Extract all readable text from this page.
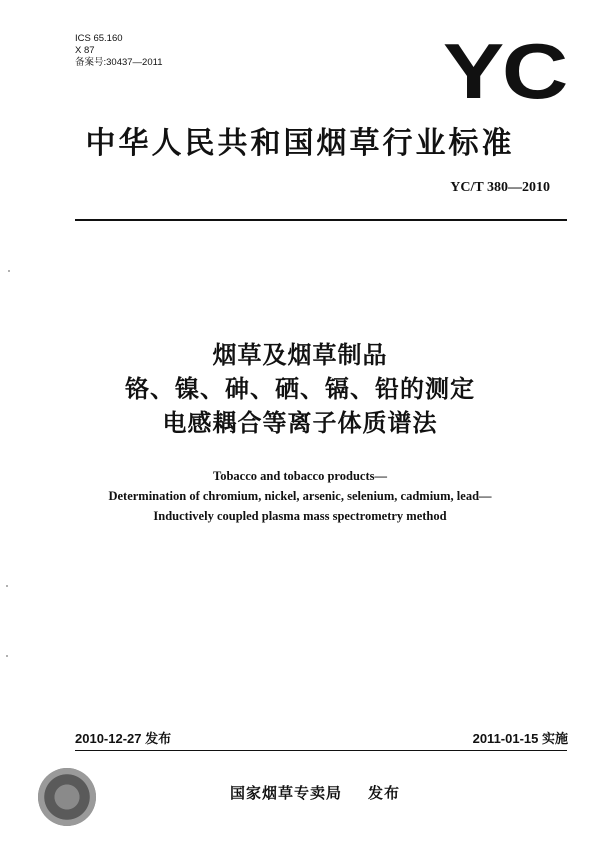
ICS 65.160
X 87
备案号:30437—2011	YC
中华人民共和国烟草行业标准
YC/T 380—2010
烟草及烟草制品
铬、镍、砷、硒、镉、铅的测定
电感耦合等离子体质谱法
Tobacco and tobacco products—
Determination of chromium, nickel, arsenic, selenium, cadmium, lead—
Inductively coupled plasma mass spectrometry method
2010-12-27 发布	2011-01-15 实施
国家烟草专卖局 发布
